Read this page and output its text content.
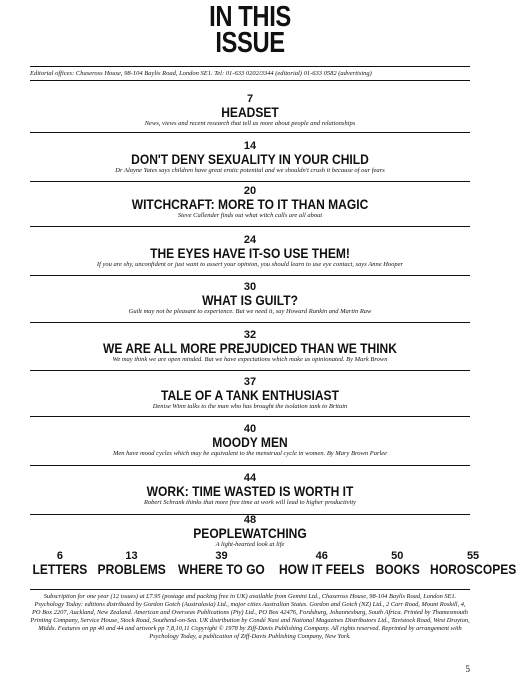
IN THIS
ISSUE
Editorial offices: Chaseross House, 98-104 Baylis Road, London SE1. Tel: 01-633 0202/3344 (editorial) 01-633 0582 (advertising)
7
HEADSET
News, views and recent research that tell us more about people and relationships
14
DON'T DENY SEXUALITY IN YOUR CHILD
Dr Alayne Yates says children have great erotic potential and we shouldn't crush it because of our fears
20
WITCHCRAFT: MORE TO IT THAN MAGIC
Steve Callender finds out what witch calls are all about
24
THE EYES HAVE IT-SO USE THEM!
If you are shy, unconfident or just want to assert your opinion, you should learn to use eye contact, says Anne Hooper
30
WHAT IS GUILT?
Guilt may not be pleasant to experience. But we need it, say Howard Rankin and Martin Raw
32
WE ARE ALL MORE PREJUDICED THAN WE THINK
We may think we are open minded. But we have expectations which make us opinionated. By Mark Brown
37
TALE OF A TANK ENTHUSIAST
Denise Winn talks to the man who has brought the isolation tank to Britain
40
MOODY MEN
Men have mood cycles which may be equivalent to the menstrual cycle in women. By Mary Brown Parlee
44
WORK: TIME WASTED IS WORTH IT
Robert Schrank thinks that more free time at work will lead to higher productivity
48
PEOPLEWATCHING
A light-hearted look at life
6
LETTERS
13
PROBLEMS
39
WHERE TO GO
46
HOW IT FEELS
50
BOOKS
55
HOROSCOPES
Subscription for one year (12 issues) at £7.95 (postage and packing free in UK) available from Gemini Ltd., Chaseross House, 98-104 Baylis Road, London SE1. Psychology Today: editions distributed by Gordon Gotch (Australasia) Ltd., major cities Australian States. Gordon and Gotch (NZ) Ltd., 2 Carr Road, Mount Roskill, 4, PO Box 2207, Auckland, New Zealand. American and Overseas Publications (Pty) Ltd., PO Box 42476, Fordsburg, Johannesburg, South Africa. Printed by Thamesmouth Printing Company, Service House, Stock Road, Southend-on-Sea. UK distribution by Condé Nast and National Magazines Distributors Ltd., Tavistock Road, West Drayton, Middx. Features on pp 40 and 44 and artwork pp 7,8,10,11 Copyright © 1978 by Ziff-Davis Publishing Company. All rights reserved. Reprinted by arrangement with Psychology Today, a publication of Ziff-Davis Publishing Company, New York.
5
